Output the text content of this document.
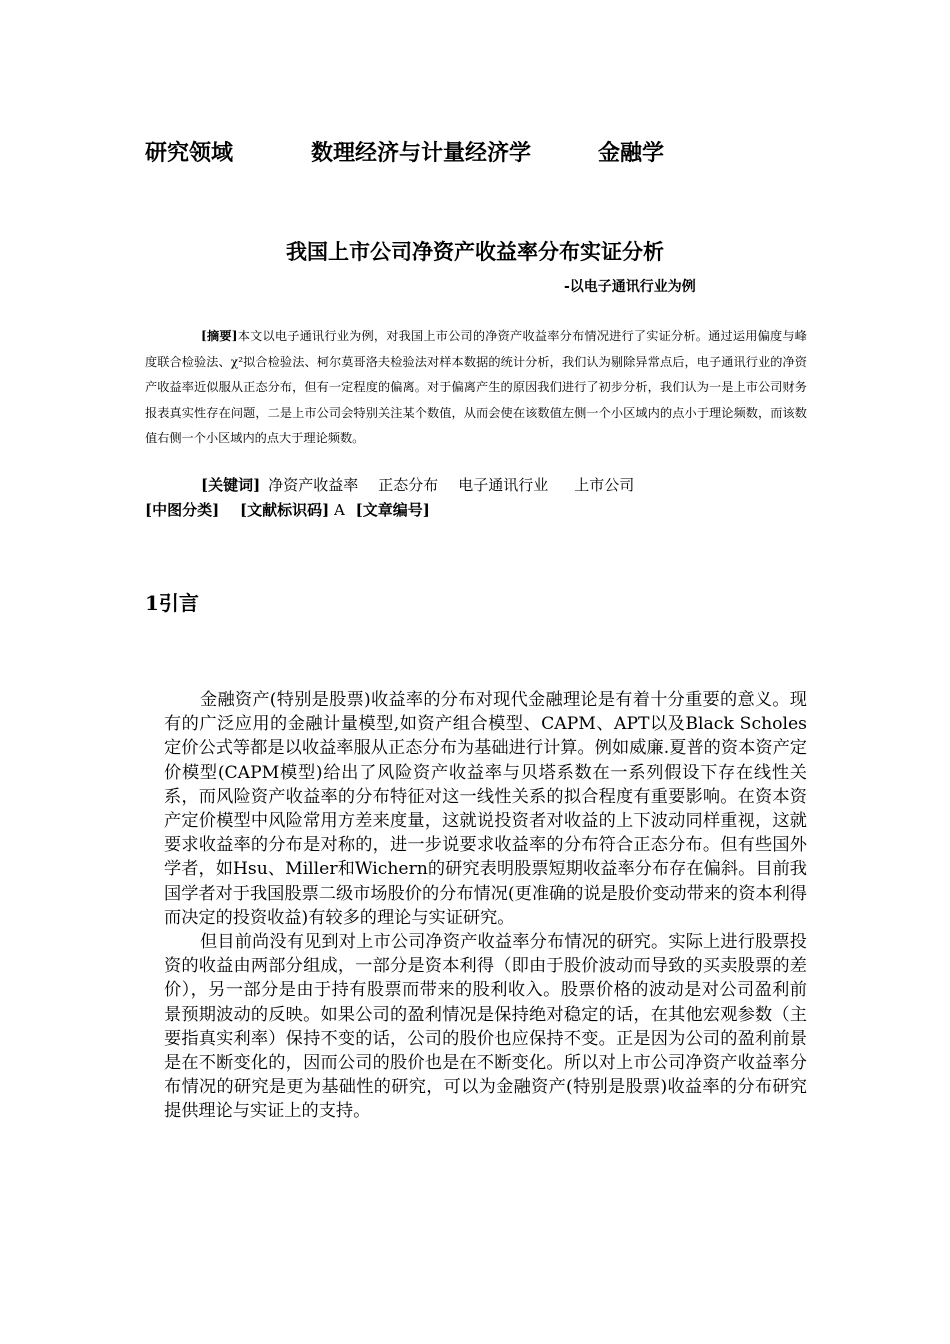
研究领域	数理经济与计量经济学	金融学
我国上市公司净资产收益率分布实证分析
-以电子通讯行业为例
[摘要]本文以电子通讯行业为例，对我国上市公司的净资产收益率分布情况进行了实证分析。通过运用偏度与峰度联合检验法、χ²拟合检验法、柯尔莫哥洛夫检验法对样本数据的统计分析，我们认为剔除异常点后，电子通讯行业的净资产收益率近似服从正态分布，但有一定程度的偏离。对于偏离产生的原因我们进行了初步分析，我们认为一是上市公司财务报表真实性存在问题，二是上市公司会特别关注某个数值，从而会使在该数值左侧一个小区域内的点小于理论频数，而该数值右侧一个小区域内的点大于理论频数。
[关键词] 净资产收益率 正态分布 电子通讯行业 上市公司
[中图分类] [文献标识码] A [文章编号]
1引言

金融资产(特别是股票)收益率的分布对现代金融理论是有着十分重要的意义。现有的广泛应用的金融计量模型,如资产组合模型、CAPM、APT以及Black Scholes定价公式等都是以收益率服从正态分布为基础进行计算。例如威廉.夏普的资本资产定价模型(CAPM模型)给出了风险资产收益率与贝塔系数在一系列假设下存在线性关系，而风险资产收益率的分布特征对这一线性关系的拟合程度有重要影响。在资本资产定价模型中风险常用方差来度量，这就说投资者对收益的上下波动同样重视，这就要求收益率的分布是对称的，进一步说要求收益率的分布符合正态分布。但有些国外学者，如Hsu、Miller和Wichern的研究表明股票短期收益率分布存在偏斜。目前我国学者对于我国股票二级市场股价的分布情况(更准确的说是股价变动带来的资本利得而决定的投资收益)有较多的理论与实证研究。

但目前尚没有见到对上市公司净资产收益率分布情况的研究。实际上进行股票投资的收益由两部分组成，一部分是资本利得（即由于股价波动而导致的买卖股票的差价），另一部分是由于持有股票而带来的股利收入。股票价格的波动是对公司盈利前景预期波动的反映。如果公司的盈利情况是保持绝对稳定的话，在其他宏观参数（主要指真实利率）保持不变的话，公司的股价也应保持不变。正是因为公司的盈利前景是在不断变化的，因而公司的股价也是在不断变化。所以对上市公司净资产收益率分布情况的研究是更为基础性的研究，可以为金融资产(特别是股票)收益率的分布研究提供理论与实证上的支持。
